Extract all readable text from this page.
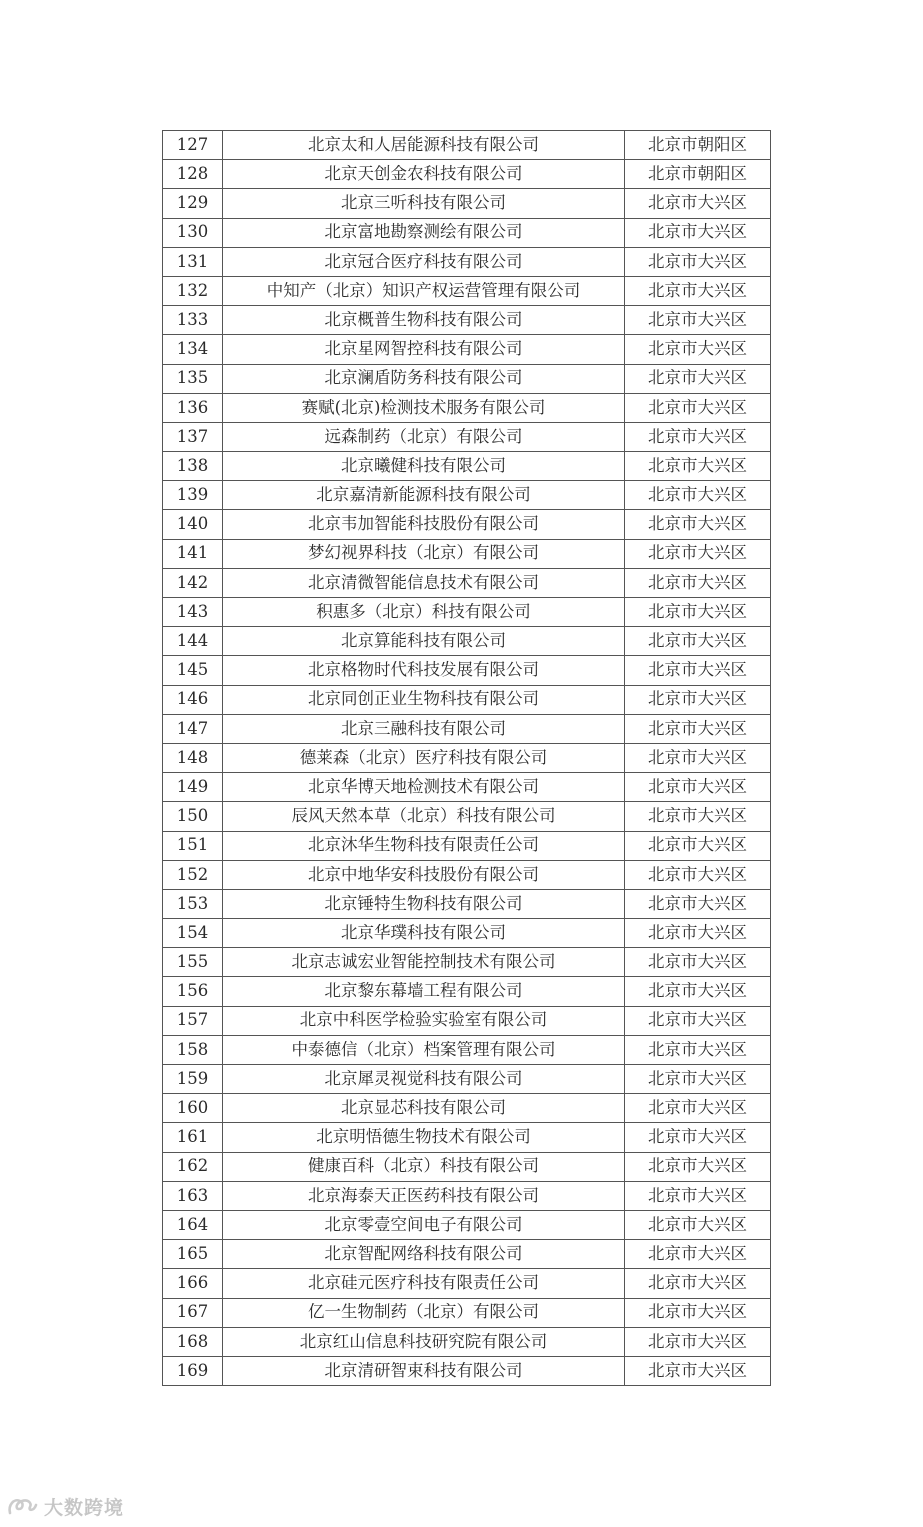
127	北京太和人居能源科技有限公司	北京市朝阳区
128	北京天创金农科技有限公司	北京市朝阳区
129	北京三听科技有限公司	北京市大兴区
130	北京富地勘察测绘有限公司	北京市大兴区
131	北京冠合医疗科技有限公司	北京市大兴区
132	中知产（北京）知识产权运营管理有限公司	北京市大兴区
133	北京概普生物科技有限公司	北京市大兴区
134	北京星网智控科技有限公司	北京市大兴区
135	北京澜盾防务科技有限公司	北京市大兴区
136	赛赋(北京)检测技术服务有限公司	北京市大兴区
137	远森制药（北京）有限公司	北京市大兴区
138	北京曦健科技有限公司	北京市大兴区
139	北京嘉清新能源科技有限公司	北京市大兴区
140	北京韦加智能科技股份有限公司	北京市大兴区
141	梦幻视界科技（北京）有限公司	北京市大兴区
142	北京清微智能信息技术有限公司	北京市大兴区
143	积惠多（北京）科技有限公司	北京市大兴区
144	北京算能科技有限公司	北京市大兴区
145	北京格物时代科技发展有限公司	北京市大兴区
146	北京同创正业生物科技有限公司	北京市大兴区
147	北京三融科技有限公司	北京市大兴区
148	德莱森（北京）医疗科技有限公司	北京市大兴区
149	北京华博天地检测技术有限公司	北京市大兴区
150	辰风天然本草（北京）科技有限公司	北京市大兴区
151	北京沐华生物科技有限责任公司	北京市大兴区
152	北京中地华安科技股份有限公司	北京市大兴区
153	北京锤特生物科技有限公司	北京市大兴区
154	北京华璞科技有限公司	北京市大兴区
155	北京志诚宏业智能控制技术有限公司	北京市大兴区
156	北京黎东幕墙工程有限公司	北京市大兴区
157	北京中科医学检验实验室有限公司	北京市大兴区
158	中泰德信（北京）档案管理有限公司	北京市大兴区
159	北京犀灵视觉科技有限公司	北京市大兴区
160	北京显芯科技有限公司	北京市大兴区
161	北京明悟德生物技术有限公司	北京市大兴区
162	健康百科（北京）科技有限公司	北京市大兴区
163	北京海泰天正医药科技有限公司	北京市大兴区
164	北京零壹空间电子有限公司	北京市大兴区
165	北京智配网络科技有限公司	北京市大兴区
166	北京硅元医疗科技有限责任公司	北京市大兴区
167	亿一生物制药（北京）有限公司	北京市大兴区
168	北京红山信息科技研究院有限公司	北京市大兴区
169	北京清研智束科技有限公司	北京市大兴区
大数跨境
